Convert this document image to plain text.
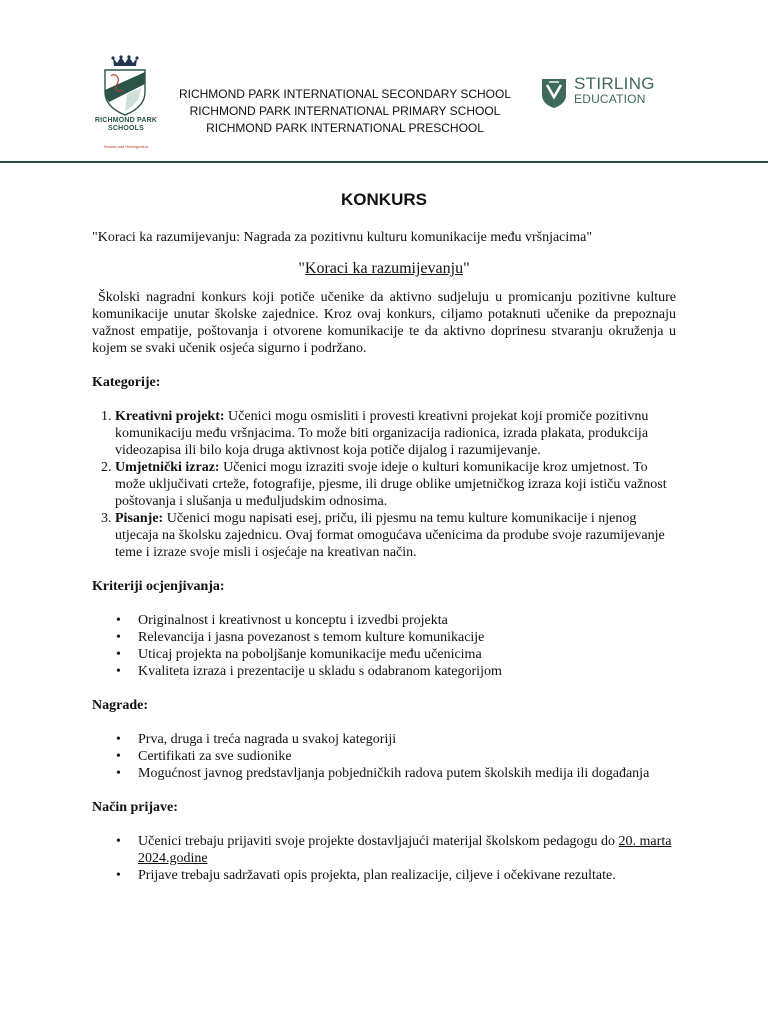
RICHMOND PARK SCHOOLS
Bosnia and Herzegovina
RICHMOND PARK INTERNATIONAL SECONDARY SCHOOL
RICHMOND PARK INTERNATIONAL PRIMARY SCHOOL
RICHMOND PARK INTERNATIONAL PRESCHOOL
STIRLING
EDUCATION
KONKURS

"Koraci ka razumijevanju: Nagrada za pozitivnu kulturu komunikacije među vršnjacima"

"Koraci ka razumijevanju"

Školski nagradni konkurs koji potiče učenike da aktivno sudjeluju u promicanju pozitivne kulture komunikacije unutar školske zajednice. Kroz ovaj konkurs, ciljamo potaknuti učenike da prepoznaju važnost empatije, poštovanja i otvorene komunikacije te da aktivno doprinesu stvaranju okruženja u kojem se svaki učenik osjeća sigurno i podržano.

Kategorije:

1. Kreativni projekt: Učenici mogu osmisliti i provesti kreativni projekat koji promiče pozitivnu komunikaciju među vršnjacima. To može biti organizacija radionica, izrada plakata, produkcija videozapisa ili bilo koja druga aktivnost koja potiče dijalog i razumijevanje.
2. Umjetnički izraz: Učenici mogu izraziti svoje ideje o kulturi komunikacije kroz umjetnost. To može uključivati crteže, fotografije, pjesme, ili druge oblike umjetničkog izraza koji ističu važnost poštovanja i slušanja u međuljudskim odnosima.
3. Pisanje: Učenici mogu napisati esej, priču, ili pjesmu na temu kulture komunikacije i njenog utjecaja na školsku zajednicu. Ovaj format omogućava učenicima da prodube svoje razumijevanje teme i izraze svoje misli i osjećaje na kreativan način.

Kriteriji ocjenjivanja:

• Originalnost i kreativnost u konceptu i izvedbi projekta
• Relevancija i jasna povezanost s temom kulture komunikacije
• Uticaj projekta na poboljšanje komunikacije među učenicima
• Kvaliteta izraza i prezentacije u skladu s odabranom kategorijom

Nagrade:

• Prva, druga i treća nagrada u svakoj kategoriji
• Certifikati za sve sudionike
• Mogućnost javnog predstavljanja pobjedničkih radova putem školskih medija ili događanja

Način prijave:

• Učenici trebaju prijaviti svoje projekte dostavljajući materijal školskom pedagogu do 20. marta 2024.godine
• Prijave trebaju sadržavati opis projekta, plan realizacije, ciljeve i očekivane rezultate.
